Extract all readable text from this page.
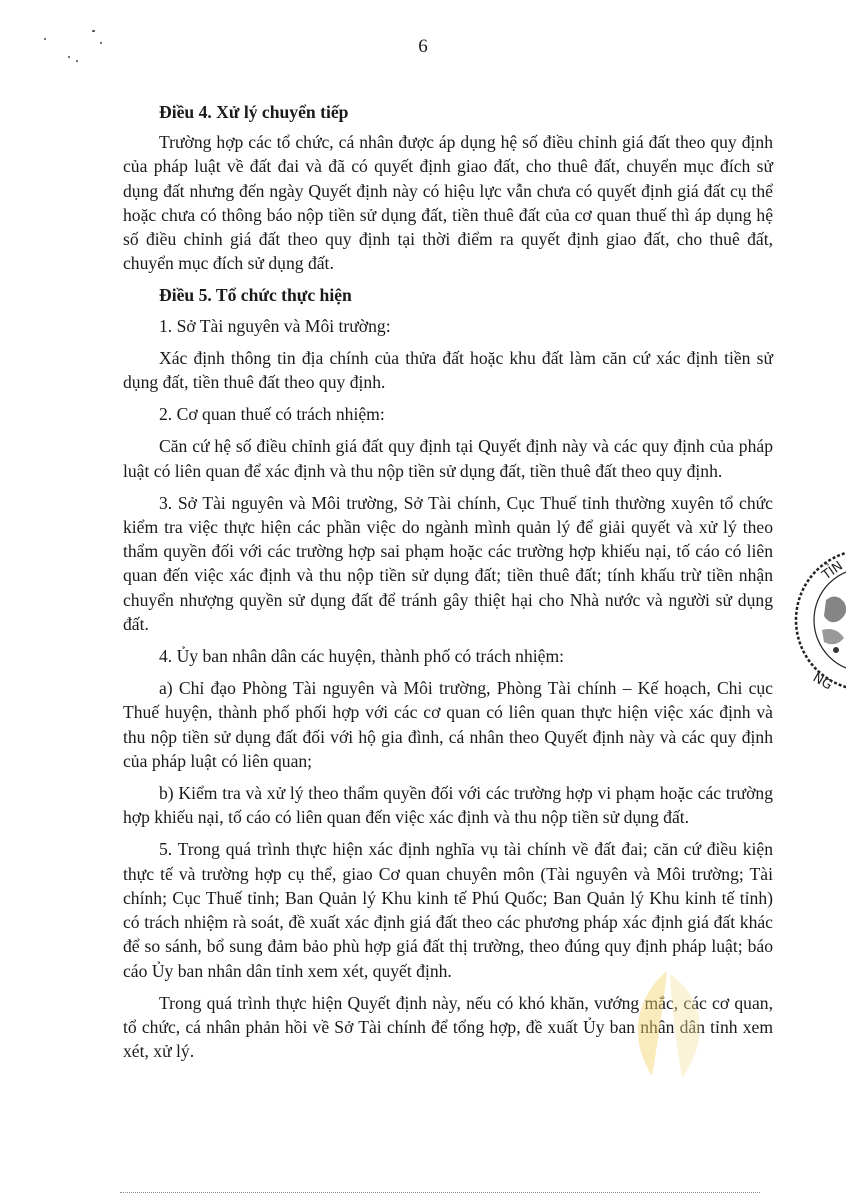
6

Điều 4. Xử lý chuyển tiếp

Trường hợp các tổ chức, cá nhân được áp dụng hệ số điều chỉnh giá đất theo quy định của pháp luật về đất đai và đã có quyết định giao đất, cho thuê đất, chuyển mục đích sử dụng đất nhưng đến ngày Quyết định này có hiệu lực vẫn chưa có quyết định giá đất cụ thể hoặc chưa có thông báo nộp tiền sử dụng đất, tiền thuê đất của cơ quan thuế thì áp dụng hệ số điều chỉnh giá đất theo quy định tại thời điểm ra quyết định giao đất, cho thuê đất, chuyển mục đích sử dụng đất.

Điều 5. Tổ chức thực hiện

1. Sở Tài nguyên và Môi trường:

Xác định thông tin địa chính của thửa đất hoặc khu đất làm căn cứ xác định tiền sử dụng đất, tiền thuê đất theo quy định.

2. Cơ quan thuế có trách nhiệm:

Căn cứ hệ số điều chỉnh giá đất quy định tại Quyết định này và các quy định của pháp luật có liên quan để xác định và thu nộp tiền sử dụng đất, tiền thuê đất theo quy định.

3. Sở Tài nguyên và Môi trường, Sở Tài chính, Cục Thuế tỉnh thường xuyên tổ chức kiểm tra việc thực hiện các phần việc do ngành mình quản lý để giải quyết và xử lý theo thẩm quyền đối với các trường hợp sai phạm hoặc các trường hợp khiếu nại, tố cáo có liên quan đến việc xác định và thu nộp tiền sử dụng đất; tiền thuê đất; tính khấu trừ tiền nhận chuyển nhượng quyền sử dụng đất để tránh gây thiệt hại cho Nhà nước và người sử dụng đất.

4. Ủy ban nhân dân các huyện, thành phố có trách nhiệm:

a) Chỉ đạo Phòng Tài nguyên và Môi trường, Phòng Tài chính – Kế hoạch, Chi cục Thuế huyện, thành phố phối hợp với các cơ quan có liên quan thực hiện việc xác định và thu nộp tiền sử dụng đất đối với hộ gia đình, cá nhân theo Quyết định này và các quy định của pháp luật có liên quan;

b) Kiểm tra và xử lý theo thẩm quyền đối với các trường hợp vi phạm hoặc các trường hợp khiếu nại, tố cáo có liên quan đến việc xác định và thu nộp tiền sử dụng đất.

5. Trong quá trình thực hiện xác định nghĩa vụ tài chính về đất đai; căn cứ điều kiện thực tế và trường hợp cụ thể, giao Cơ quan chuyên môn (Tài nguyên và Môi trường; Tài chính; Cục Thuế tỉnh; Ban Quản lý Khu kinh tế Phú Quốc; Ban Quản lý Khu kinh tế tỉnh) có trách nhiệm rà soát, đề xuất xác định giá đất theo các phương pháp xác định giá đất khác để so sánh, bổ sung đảm bảo phù hợp giá đất thị trường, theo đúng quy định pháp luật; báo cáo Ủy ban nhân dân tỉnh xem xét, quyết định.

Trong quá trình thực hiện Quyết định này, nếu có khó khăn, vướng mắc, các cơ quan, tổ chức, cá nhân phản hồi về Sở Tài chính để tổng hợp, đề xuất Ủy ban nhân dân tỉnh xem xét, xử lý.

TỈN
NG
